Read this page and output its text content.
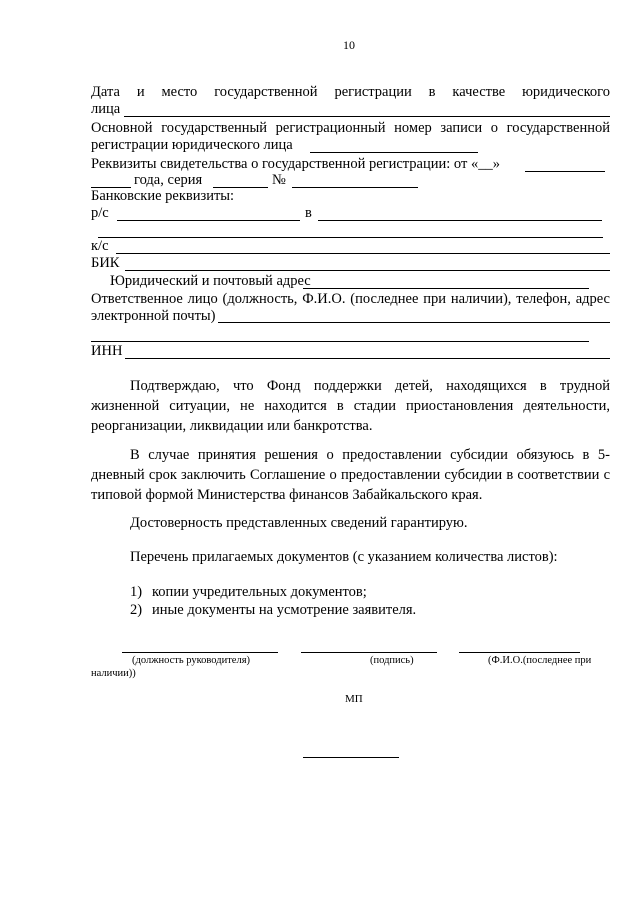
10
Дата и место государственной регистрации в качестве юридического
лица
Основной государственный регистрационный номер записи о государственной
регистрации юридического лица
Реквизиты свидетельства о государственной регистрации: от «__»
года, серия	№
Банковские реквизиты:
р/с	в
к/с
БИК
Юридический и почтовый адрес
Ответственное лицо (должность, Ф.И.О. (последнее при наличии), телефон, адрес
электронной почты)
ИНН
Подтверждаю, что Фонд поддержки детей, находящихся в трудной жизненной ситуации, не находится в стадии приостановления деятельности, реорганизации, ликвидации или банкротства.
В случае принятия решения о предоставлении субсидии обязуюсь в 5-дневный срок заключить Соглашение о предоставлении субсидии в соответствии с типовой формой Министерства финансов Забайкальского края.
Достоверность представленных сведений гарантирую.
Перечень прилагаемых документов (с указанием количества листов):
1) копии учредительных документов;
2) иные документы на усмотрение заявителя.
(должность руководителя)	(подпись)	(Ф.И.О.(последнее при
наличии))
МП
